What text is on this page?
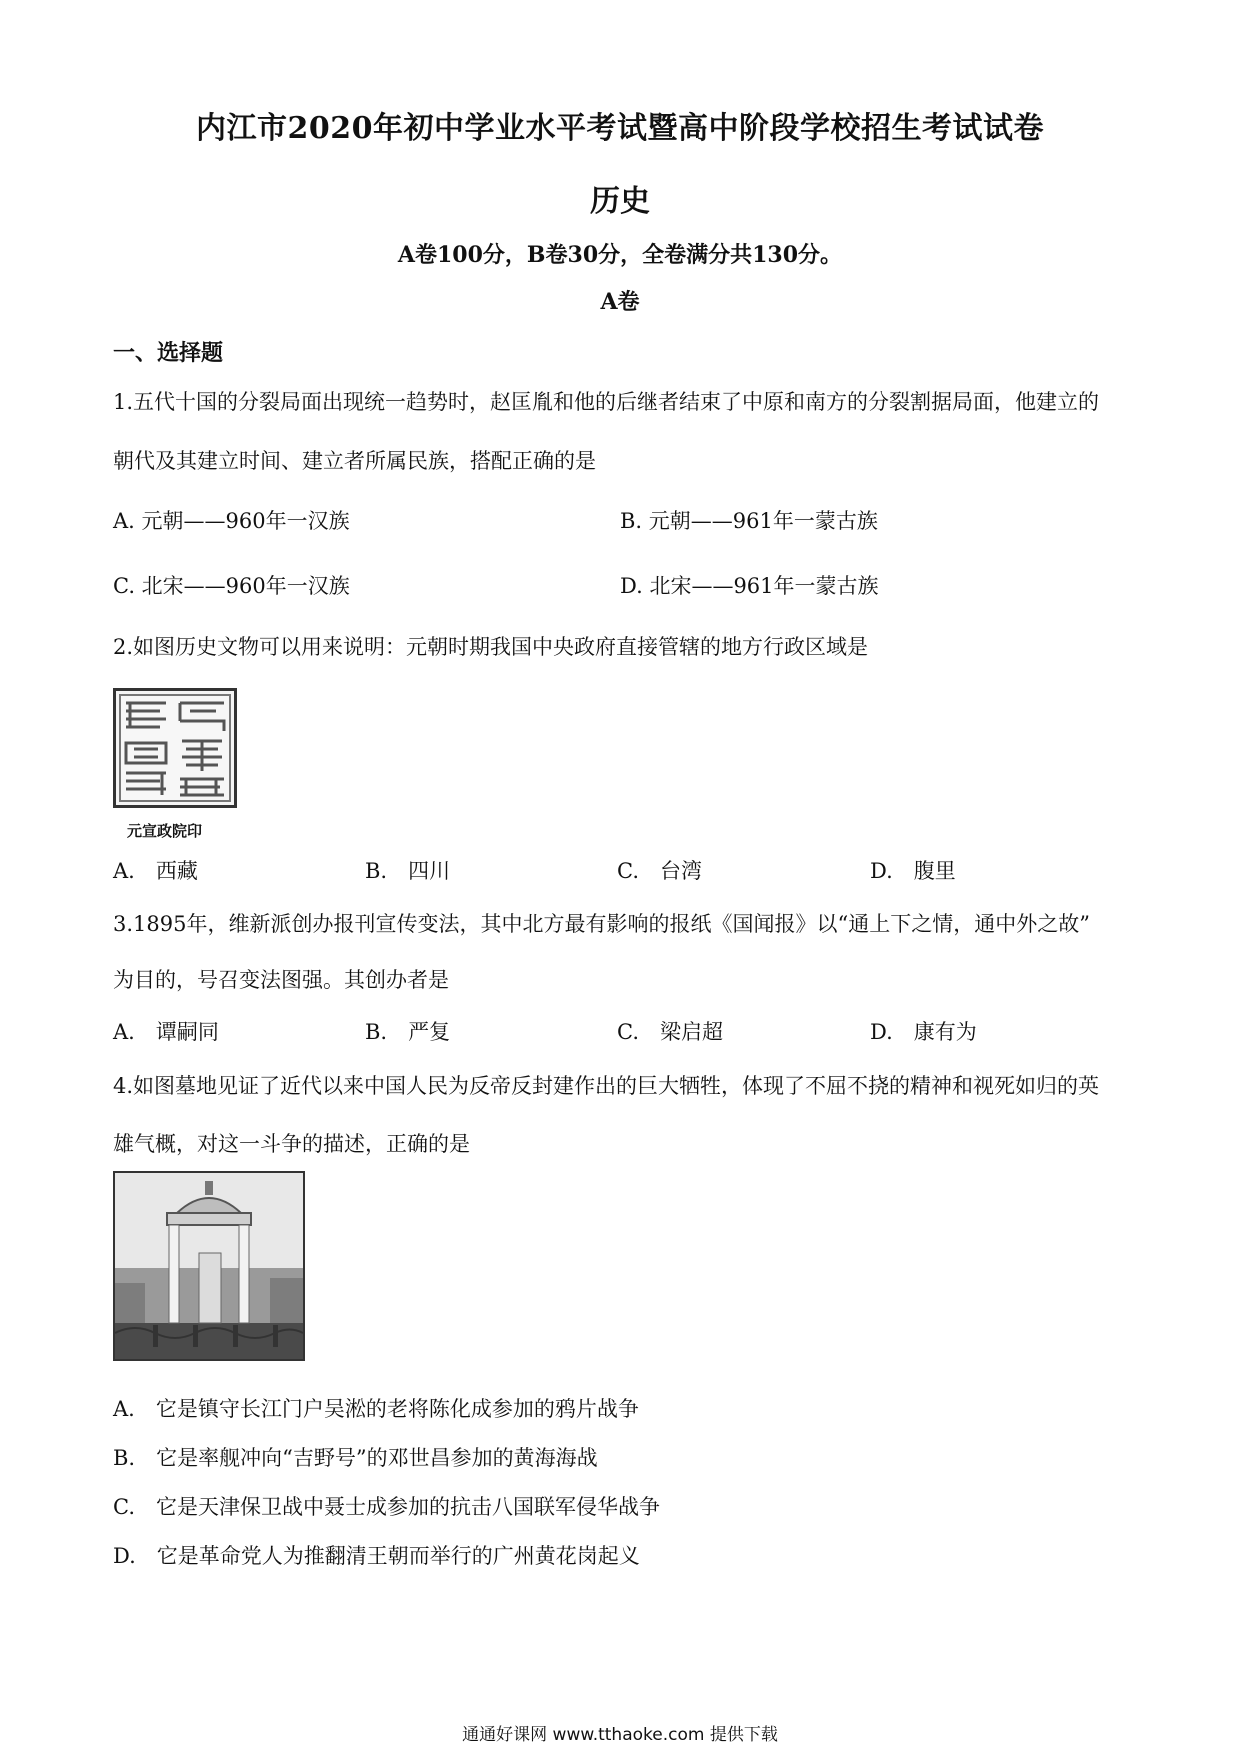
内江市2020年初中学业水平考试暨高中阶段学校招生考试试卷
历史
A卷100分，B卷30分，全卷满分共130分。
A卷
一、选择题
1.五代十国的分裂局面出现统一趋势时，赵匡胤和他的后继者结束了中原和南方的分裂割据局面，他建立的
朝代及其建立时间、建立者所属民族，搭配正确的是
A. 元朝——960年一汉族	B. 元朝——961年一蒙古族
C. 北宋——960年一汉族	D. 北宋——961年一蒙古族
2.如图历史文物可以用来说明：元朝时期我国中央政府直接管辖的地方行政区域是
元宣政院印
A.　西藏	B.　四川	C.　台湾	D.　腹里
3.1895年，维新派创办报刊宣传变法，其中北方最有影响的报纸《国闻报》以“通上下之情，通中外之故”
为目的，号召变法图强。其创办者是
A.　谭嗣同	B.　严复	C.　梁启超	D.　康有为
4.如图墓地见证了近代以来中国人民为反帝反封建作出的巨大牺牲，体现了不屈不挠的精神和视死如归的英
雄气概，对这一斗争的描述，正确的是
A.　它是镇守长江门户吴淞的老将陈化成参加的鸦片战争
B.　它是率舰冲向“吉野号”的邓世昌参加的黄海海战
C.　它是天津保卫战中聂士成参加的抗击八国联军侵华战争
D.　它是革命党人为推翻清王朝而举行的广州黄花岗起义
通通好课网 www.tthaoke.com 提供下载
